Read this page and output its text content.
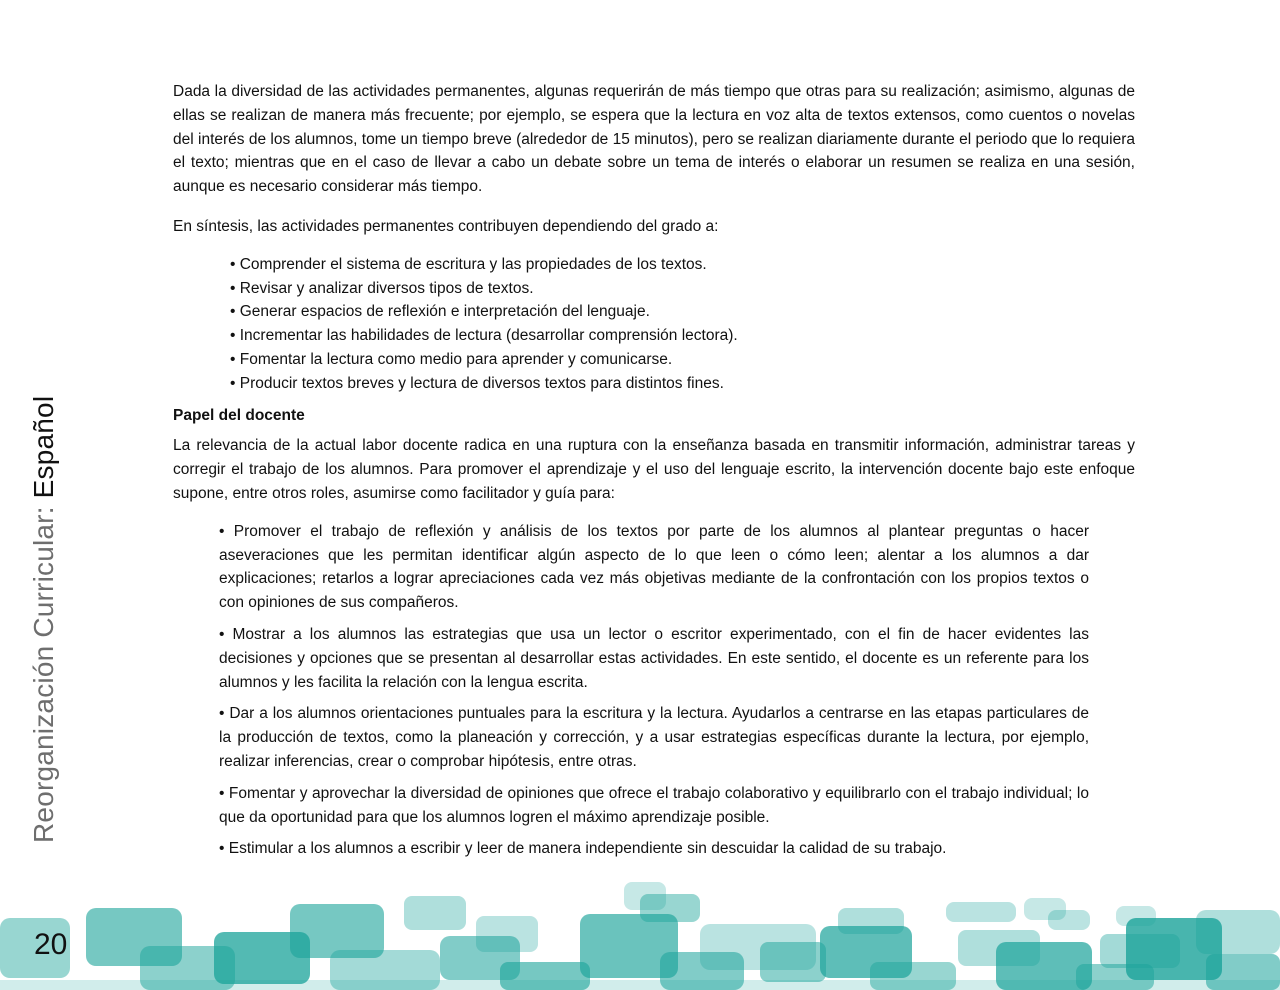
Reorganización Curricular: Español

Dada la diversidad de las actividades permanentes, algunas requerirán de más tiempo que otras para su realización; asimismo, algunas de ellas se realizan de manera más frecuente; por ejemplo, se espera que la lectura en voz alta de textos extensos, como cuentos o novelas del interés de los alumnos, tome un tiempo breve (alrededor de 15 minutos), pero se realizan diariamente durante el periodo que lo requiera el texto; mientras que en el caso de llevar a cabo un debate sobre un tema de interés o elaborar un resumen se realiza en una sesión, aunque es necesario considerar más tiempo.

En síntesis, las actividades permanentes contribuyen dependiendo del grado a:

• Comprender el sistema de escritura y las propiedades de los textos.
• Revisar y analizar diversos tipos de textos.
• Generar espacios de reflexión e interpretación del lenguaje.
• Incrementar las habilidades de lectura (desarrollar comprensión lectora).
• Fomentar la lectura como medio para aprender y comunicarse.
• Producir textos breves y lectura de diversos textos para distintos fines.
Papel del docente

La relevancia de la actual labor docente radica en una ruptura con la enseñanza basada en transmitir información, administrar tareas y corregir el trabajo de los alumnos. Para promover el aprendizaje y el uso del lenguaje escrito, la intervención docente bajo este enfoque supone, entre otros roles, asumirse como facilitador y guía para:

• Promover el trabajo de reflexión y análisis de los textos por parte de los alumnos al plantear preguntas o hacer aseveraciones que les permitan identificar algún aspecto de lo que leen o cómo leen; alentar a los alumnos a dar explicaciones; retarlos a lograr apreciaciones cada vez más objetivas mediante de la confrontación con los propios textos o con opiniones de sus compañeros.

• Mostrar a los alumnos las estrategias que usa un lector o escritor experimentado, con el fin de hacer evidentes las decisiones y opciones que se presentan al desarrollar estas actividades. En este sentido, el docente es un referente para los alumnos y les facilita la relación con la lengua escrita.

• Dar a los alumnos orientaciones puntuales para la escritura y la lectura. Ayudarlos a centrarse en las etapas particulares de la producción de textos, como la planeación y corrección, y a usar estrategias específicas durante la lectura, por ejemplo, realizar inferencias, crear o comprobar hipótesis, entre otras.

• Fomentar y aprovechar la diversidad de opiniones que ofrece el trabajo colaborativo y equilibrarlo con el trabajo individual; lo que da oportunidad para que los alumnos logren el máximo aprendizaje posible.

• Estimular a los alumnos a escribir y leer de manera independiente sin descuidar la calidad de su trabajo.

20
